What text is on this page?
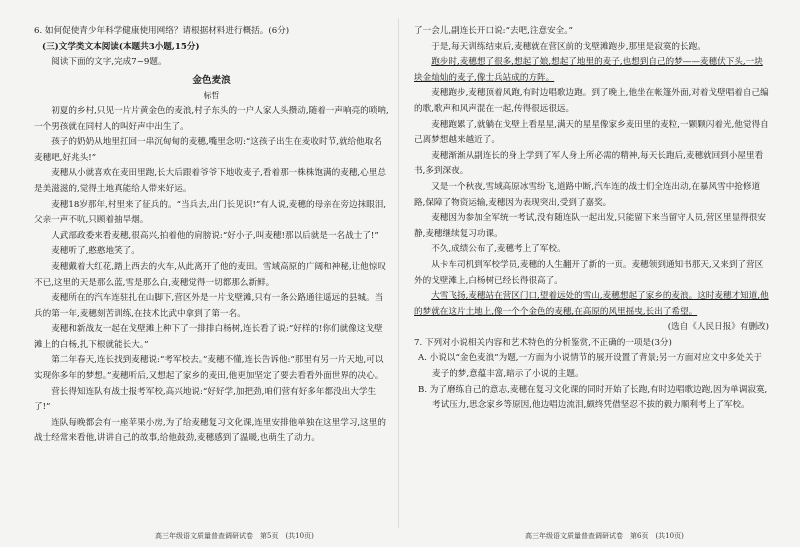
6. 如何促使青少年科学健康使用网络？请根据材料进行概括。(6分)

(三)文学类文本阅读(本题共3小题,15分)

阅读下面的文字,完成7~9题。

金色麦浪

标哲

初夏的乡村,只见一片片黄金色的麦浪,村子东头的一户人家人头攒动,随着一声响亮的唢呐,一个男孩就在同村人的叫好声中出生了。

孩子的奶奶从地里扛回一串沉甸甸的麦穗,嘴里念叨:“这孩子出生在麦收时节,就给他取名麦穗吧,好兆头!”

麦穗从小就喜欢在麦田里跑,长大后跟着爷爷下地收麦子,看着那一株株饱满的麦穗,心里总是美滋滋的,觉得土地真能给人带来好运。

麦穗18岁那年,村里来了征兵的。“当兵去,出门长见识!”有人说,麦穗的母亲在旁边抹眼泪,父亲一声不吭,只顾着抽旱烟。

人武部政委来看麦穗,很高兴,拍着他的肩膀说:“好小子,叫麦穗!那以后就是一名战士了!”

麦穗听了,憨憨地笑了。

麦穗戴着大红花,踏上西去的火车,从此离开了他的麦田。雪域高原的广阔和神秘,让他惊叹不已,这里的天是那么蓝,雪是那么白,麦穗觉得一切都那么新鲜。

麦穗所在的汽车连驻扎在山脚下,营区外是一片戈壁滩,只有一条公路通往遥远的县城。当兵的第一年,麦穗刻苦训练,在技术比武中拿到了第一名。

麦穗和新战友一起在戈壁滩上种下了一排排白杨树,连长看了说:“好样的!你们就像这戈壁滩上的白杨,扎下根就能长大。”

第二年春天,连长找到麦穗说:“考军校去。”麦穗不懂,连长告诉他:“那里有另一片天地,可以实现你多年的梦想。”麦穗听后,又想起了家乡的麦田,他更加坚定了要去看看外面世界的决心。

营长得知连队有战士报考军校,高兴地说:“好好学,加把劲,咱们营有好多年都没出大学生了!”

连队每晚都会有一座苹果小房,为了给麦穗复习文化课,连里安排他单独在这里学习,这里的战士经常来看他,讲讲自己的故事,给他鼓劲,麦穗感到了温暖,也萌生了动力。

了一会儿,副连长开口说:“去吧,注意安全。”

于是,每天训练结束后,麦穗就在营区前的戈壁滩跑步,那里是寂寞的长跑。

跑步时,麦穗想了很多,想起了娘,想起了地里的麦子,也想到自己的梦——麦穗伏下头,一块块金灿灿的麦子,像士兵站成的方阵。

麦穗跑步,麦穗顶着风跑,有时边唱歌边跑。到了晚上,他坐在帐篷外面,对着戈壁唱着自己编的歌,歌声和风声混在一起,传得很远很远。

麦穗跑累了,就躺在戈壁上看星星,满天的星星像家乡麦田里的麦粒,一颗颗闪着光,他觉得自己离梦想越来越近了。

麦穗渐渐从副连长的身上学到了军人身上所必需的精神,每天长跑后,麦穗就回到小屋里看书,多到深夜。

又是一个秋夜,雪域高原冰雪纷飞,道路中断,汽车连的战士们全连出动,在暴风雪中抢修道路,保障了物资运输,麦穗因为表现突出,受到了嘉奖。

麦穗因为参加全军统一考试,没有随连队一起出发,只能留下来当留守人员,营区里显得很安静,麦穗继续复习功课。

不久,成绩公布了,麦穗考上了军校。

从卡车司机到军校学员,麦穗的人生翻开了新的一页。麦穗领到通知书那天,又来到了营区外的戈壁滩上,白杨树已经长得很高了。

大雪飞扬,麦穗站在营区门口,望着远处的雪山,麦穗想起了家乡的麦浪。这时麦穗才知道,他的梦就在这片土地上,像一个个金色的麦穗,在高原的风里摇曳,长出了希望。

(选自《人民日报》有删改)

7. 下列对小说相关内容和艺术特色的分析鉴赏,不正确的一项是(3分)

A. 小说以“金色麦浪”为题,一方面为小说情节的展开设置了背景;另一方面对应文中多处关于麦子的梦,意蕴丰富,暗示了小说的主题。

B. 为了磨练自己的意志,麦穗在复习文化课的同时开始了长跑,有时边唱歌边跑,因为单调寂寞,考试压力,思念家乡等原因,他边唱边流泪,颇终凭借坚忍不拔的毅力顺利考上了军校。

高三年级语文质量普查调研试卷　第5页　(共10页)	高三年级语文质量普查调研试卷　第6页　(共10页)
